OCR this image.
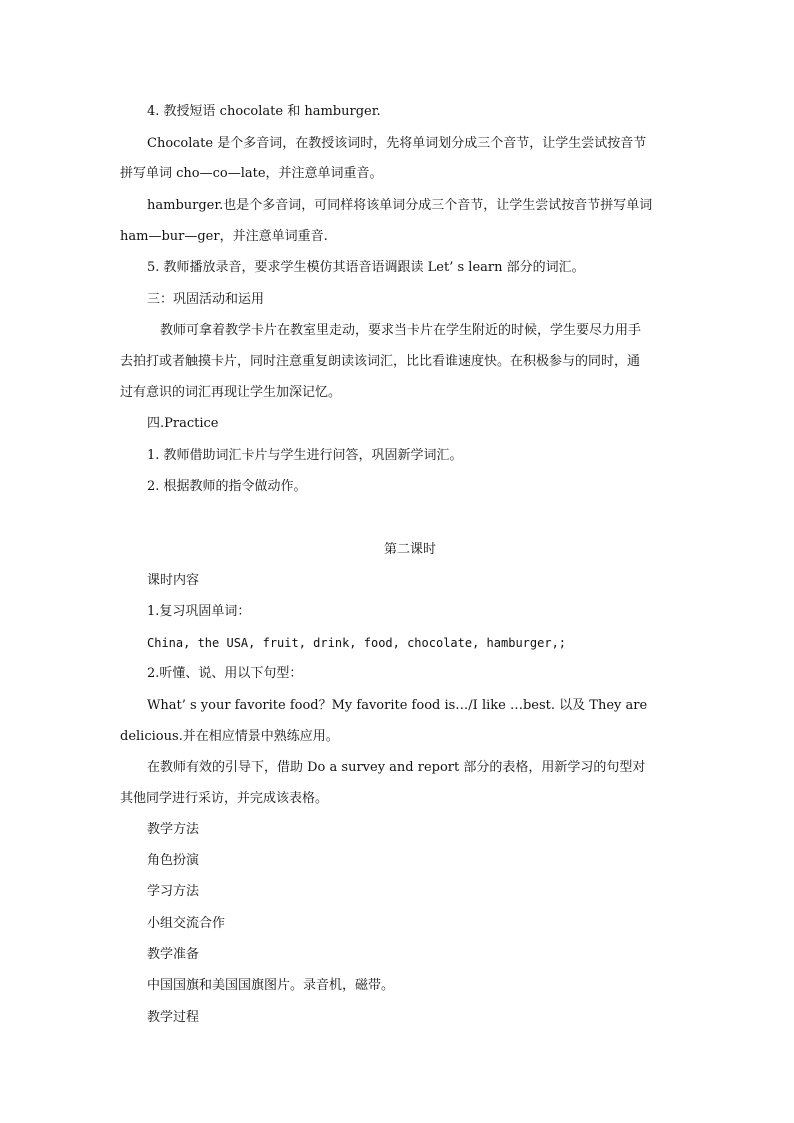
4. 教授短语 chocolate 和 hamburger.
Chocolate 是个多音词，在教授该词时，先将单词划分成三个音节，让学生尝试按音节
拼写单词 cho—co—late，并注意单词重音。
hamburger.也是个多音词，可同样将该单词分成三个音节，让学生尝试按音节拼写单词
ham—bur—ger，并注意单词重音.
5. 教师播放录音，要求学生模仿其语音语调跟读 Let’ s learn 部分的词汇。
三：巩固活动和运用
教师可拿着教学卡片在教室里走动，要求当卡片在学生附近的时候，学生要尽力用手
去拍打或者触摸卡片，同时注意重复朗读该词汇，比比看谁速度快。在积极参与的同时，通
过有意识的词汇再现让学生加深记忆。
四.Practice
1. 教师借助词汇卡片与学生进行问答，巩固新学词汇。
2. 根据教师的指令做动作。
第二课时
课时内容
1.复习巩固单词：
China, the USA, fruit, drink, food, chocolate, hamburger,;
2.听懂、说、用以下句型：
What’ s your favorite food？My favorite food is…/I like …best. 以及 They are
delicious.并在相应情景中熟练应用。
在教师有效的引导下，借助 Do a survey and report 部分的表格，用新学习的句型对
其他同学进行采访，并完成该表格。
教学方法
角色扮演
学习方法
小组交流合作
教学准备
中国国旗和美国国旗图片。录音机，磁带。
教学过程
